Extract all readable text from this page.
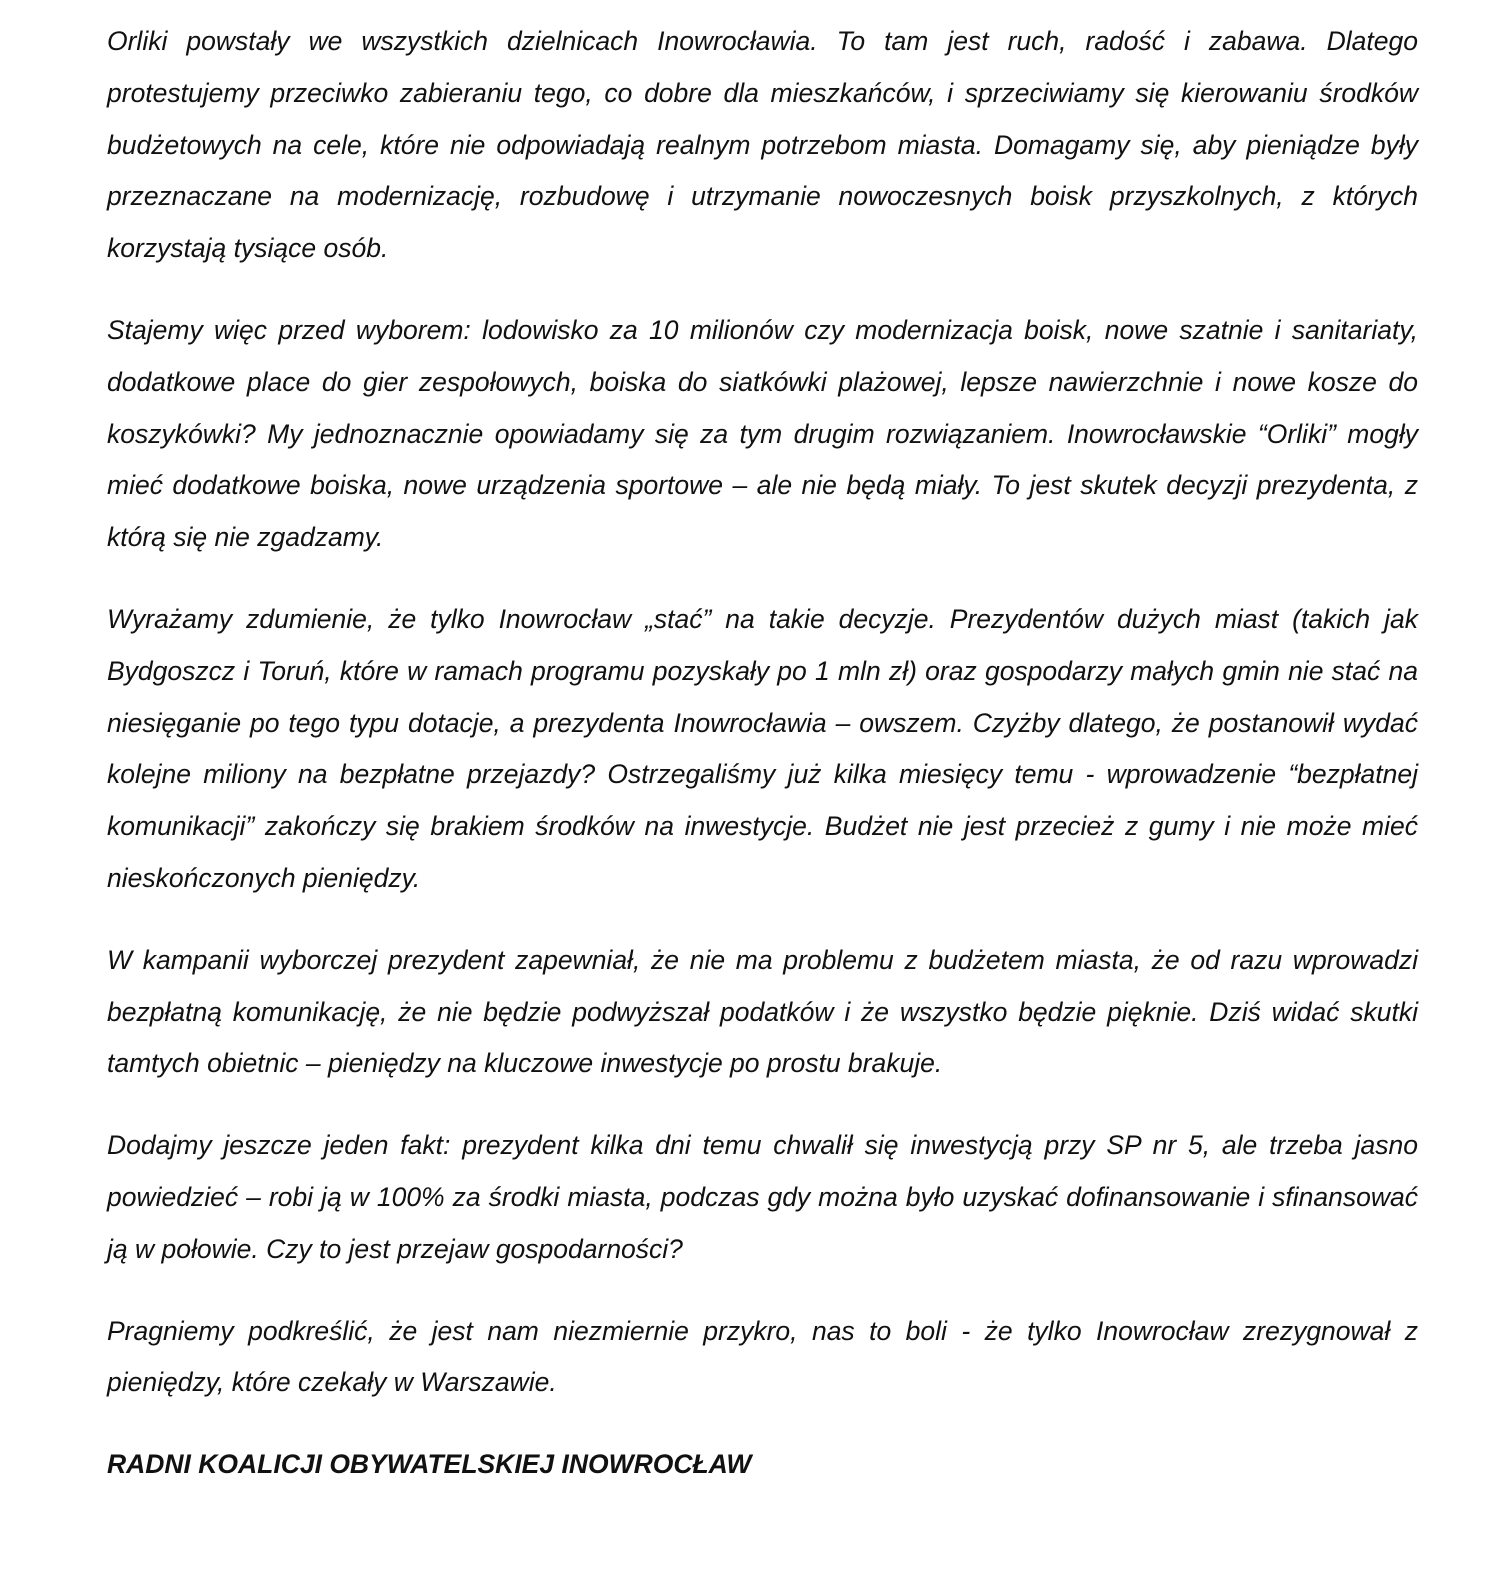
Orliki powstały we wszystkich dzielnicach Inowrocławia. To tam jest ruch, radość i zabawa. Dlatego protestujemy przeciwko zabieraniu tego, co dobre dla mieszkańców, i sprzeciwiamy się kierowaniu środków budżetowych na cele, które nie odpowiadają realnym potrzebom miasta. Domagamy się, aby pieniądze były przeznaczane na modernizację, rozbudowę i utrzymanie nowoczesnych boisk przyszkolnych, z których korzystają tysiące osób.

Stajemy więc przed wyborem: lodowisko za 10 milionów czy modernizacja boisk, nowe szatnie i sanitariaty, dodatkowe place do gier zespołowych, boiska do siatkówki plażowej, lepsze nawierzchnie i nowe kosze do koszykówki? My jednoznacznie opowiadamy się za tym drugim rozwiązaniem. Inowrocławskie “Orliki” mogły mieć dodatkowe boiska, nowe urządzenia sportowe – ale nie będą miały. To jest skutek decyzji prezydenta, z którą się nie zgadzamy.

Wyrażamy zdumienie, że tylko Inowrocław „stać” na takie decyzje. Prezydentów dużych miast (takich jak Bydgoszcz i Toruń, które w ramach programu pozyskały po 1 mln zł) oraz gospodarzy małych gmin nie stać na niesięganie po tego typu dotacje, a prezydenta Inowrocławia – owszem. Czyżby dlatego, że postanowił wydać kolejne miliony na bezpłatne przejazdy? Ostrzegaliśmy już kilka miesięcy temu - wprowadzenie “bezpłatnej komunikacji” zakończy się brakiem środków na inwestycje. Budżet nie jest przecież z gumy i nie może mieć nieskończonych pieniędzy.

W kampanii wyborczej prezydent zapewniał, że nie ma problemu z budżetem miasta, że od razu wprowadzi bezpłatną komunikację, że nie będzie podwyższał podatków i że wszystko będzie pięknie. Dziś widać skutki tamtych obietnic – pieniędzy na kluczowe inwestycje po prostu brakuje.

Dodajmy jeszcze jeden fakt: prezydent kilka dni temu chwalił się inwestycją przy SP nr 5, ale trzeba jasno powiedzieć – robi ją w 100% za środki miasta, podczas gdy można było uzyskać dofinansowanie i sfinansować ją w połowie. Czy to jest przejaw gospodarności?

Pragniemy podkreślić, że jest nam niezmiernie przykro, nas to boli - że tylko Inowrocław zrezygnował z pieniędzy, które czekały w Warszawie.

RADNI KOALICJI OBYWATELSKIEJ INOWROCŁAW
